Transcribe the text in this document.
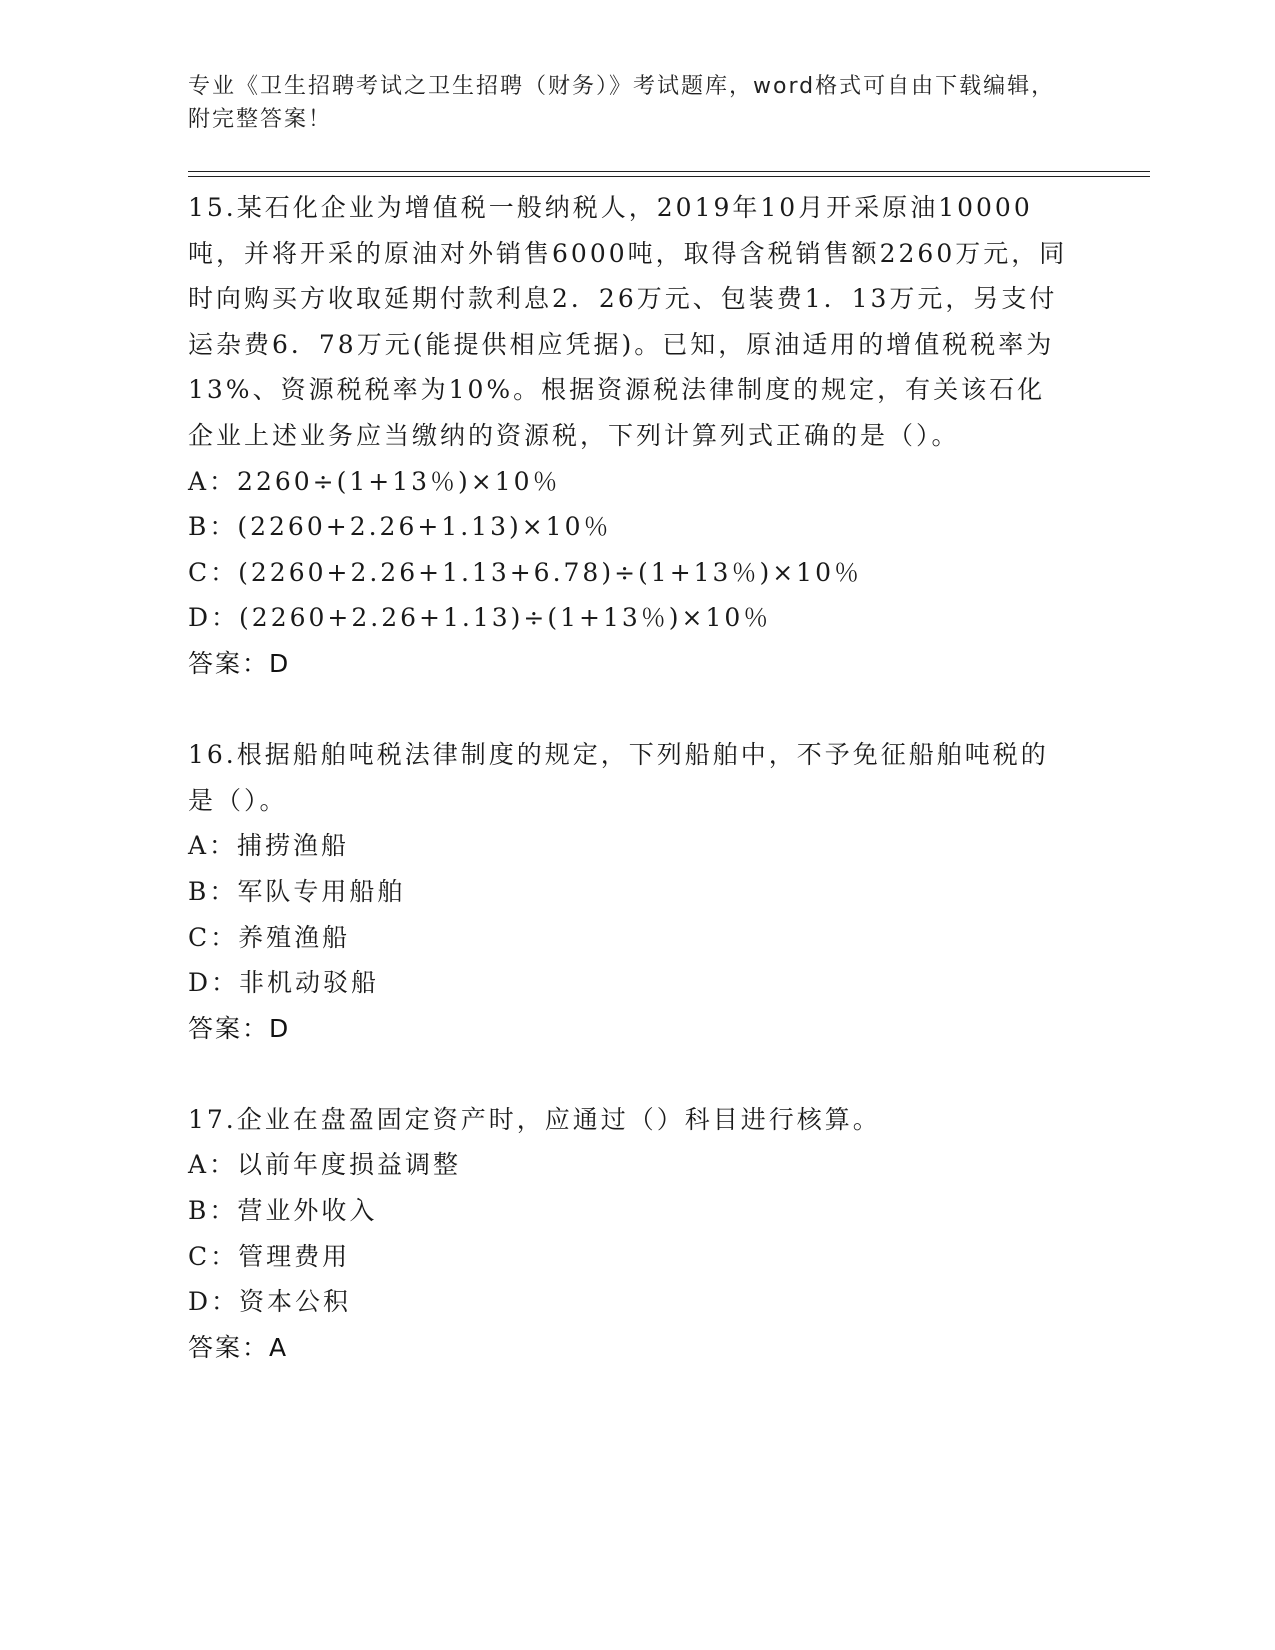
专业《卫生招聘考试之卫生招聘（财务）》考试题库，word格式可自由下载编辑，附完整答案！

15.某石化企业为增值税一般纳税人，2019年10月开采原油10000吨，并将开采的原油对外销售6000吨，取得含税销售额2260万元，同时向购买方收取延期付款利息2．26万元、包装费1．13万元，另支付运杂费6．78万元(能提供相应凭据)。已知，原油适用的增值税税率为13%、资源税税率为10%。根据资源税法律制度的规定，有关该石化企业上述业务应当缴纳的资源税，下列计算列式正确的是（）。

A：2260÷(1+13％)×10％

B：(2260+2.26+1.13)×10％

C：(2260+2.26+1.13+6.78)÷(1+13％)×10％

D：(2260+2.26+1.13)÷(1+13％)×10％

答案：D

16.根据船舶吨税法律制度的规定，下列船舶中，不予免征船舶吨税的是（）。

A：捕捞渔船

B：军队专用船舶

C：养殖渔船

D：非机动驳船

答案：D

17.企业在盘盈固定资产时，应通过（）科目进行核算。

A：以前年度损益调整

B：营业外收入

C：管理费用

D：资本公积

答案：A
